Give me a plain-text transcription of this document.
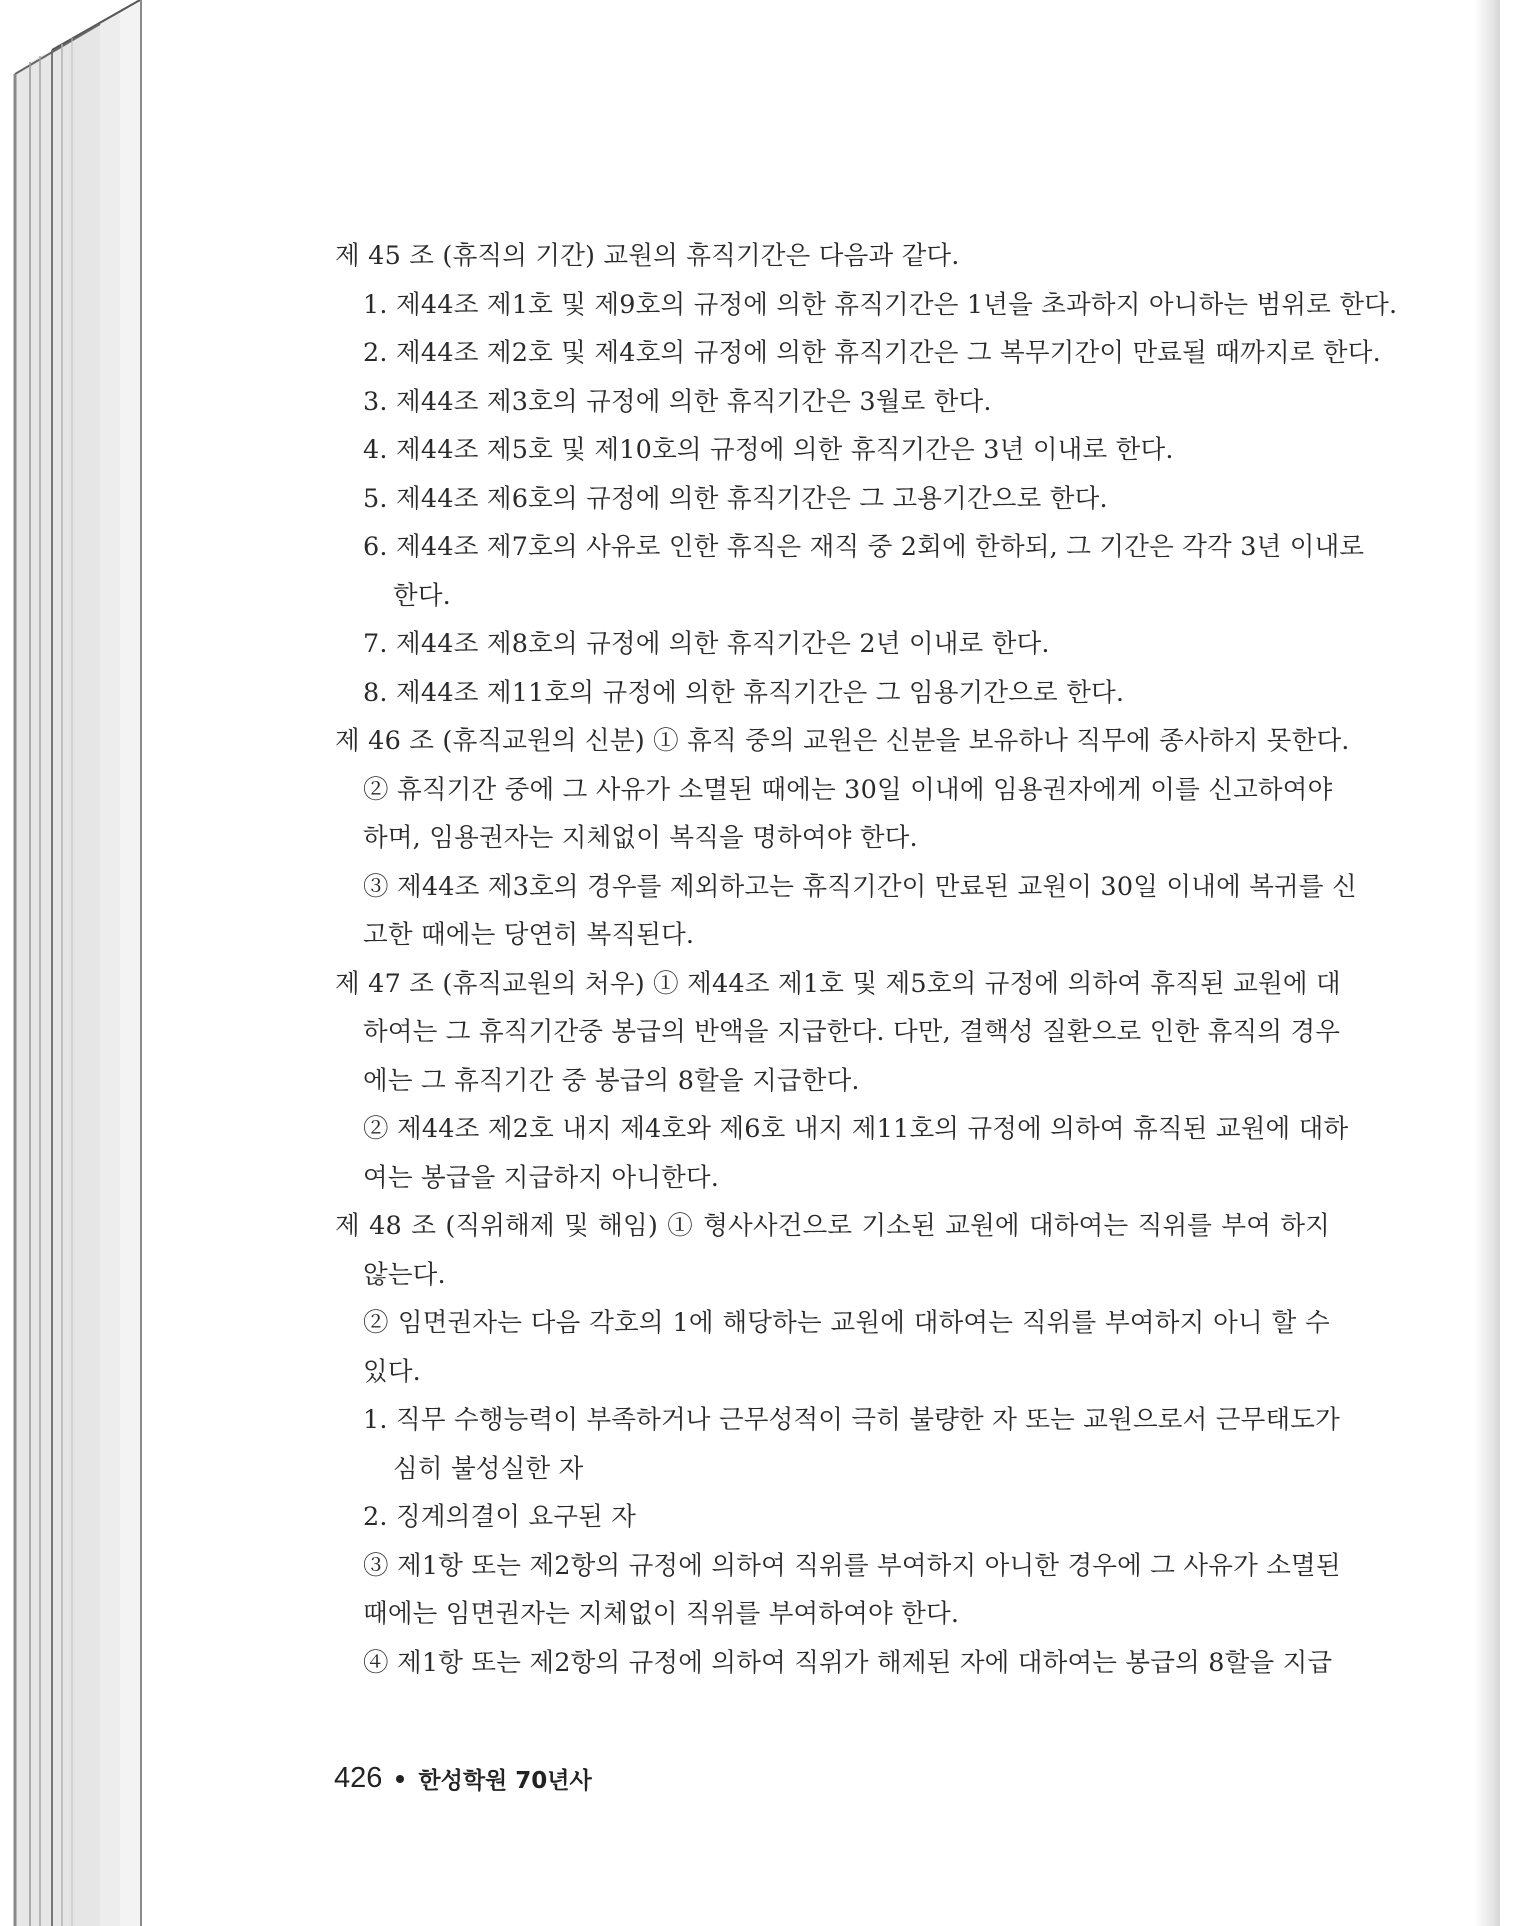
제 45 조 (휴직의 기간) 교원의 휴직기간은 다음과 같다.
1. 제44조 제1호 및 제9호의 규정에 의한 휴직기간은 1년을 초과하지 아니하는 범위로 한다.
2. 제44조 제2호 및 제4호의 규정에 의한 휴직기간은 그 복무기간이 만료될 때까지로 한다.
3. 제44조 제3호의 규정에 의한 휴직기간은 3월로 한다.
4. 제44조 제5호 및 제10호의 규정에 의한 휴직기간은 3년 이내로 한다.
5. 제44조 제6호의 규정에 의한 휴직기간은 그 고용기간으로 한다.
6. 제44조 제7호의 사유로 인한 휴직은 재직 중 2회에 한하되, 그 기간은 각각 3년 이내로
한다.
7. 제44조 제8호의 규정에 의한 휴직기간은 2년 이내로 한다.
8. 제44조 제11호의 규정에 의한 휴직기간은 그 임용기간으로 한다.
제 46 조 (휴직교원의 신분) ① 휴직 중의 교원은 신분을 보유하나 직무에 종사하지 못한다.
② 휴직기간 중에 그 사유가 소멸된 때에는 30일 이내에 임용권자에게 이를 신고하여야
하며, 임용권자는 지체없이 복직을 명하여야 한다.
③ 제44조 제3호의 경우를 제외하고는 휴직기간이 만료된 교원이 30일 이내에 복귀를 신
고한 때에는 당연히 복직된다.
제 47 조 (휴직교원의 처우) ① 제44조 제1호 및 제5호의 규정에 의하여 휴직된 교원에 대
하여는 그 휴직기간중 봉급의 반액을 지급한다. 다만, 결핵성 질환으로 인한 휴직의 경우
에는 그 휴직기간 중 봉급의 8할을 지급한다.
② 제44조 제2호 내지 제4호와 제6호 내지 제11호의 규정에 의하여 휴직된 교원에 대하
여는 봉급을 지급하지 아니한다.
제 48 조 (직위해제 및 해임) ① 형사사건으로 기소된 교원에 대하여는 직위를 부여 하지
않는다.
② 임면권자는 다음 각호의 1에 해당하는 교원에 대하여는 직위를 부여하지 아니 할 수
있다.
1. 직무 수행능력이 부족하거나 근무성적이 극히 불량한 자 또는 교원으로서 근무태도가
심히 불성실한 자
2. 징계의결이 요구된 자
③ 제1항 또는 제2항의 규정에 의하여 직위를 부여하지 아니한 경우에 그 사유가 소멸된
때에는 임면권자는 지체없이 직위를 부여하여야 한다.
④ 제1항 또는 제2항의 규정에 의하여 직위가 해제된 자에 대하여는 봉급의 8할을 지급
426 한성학원 70년사
